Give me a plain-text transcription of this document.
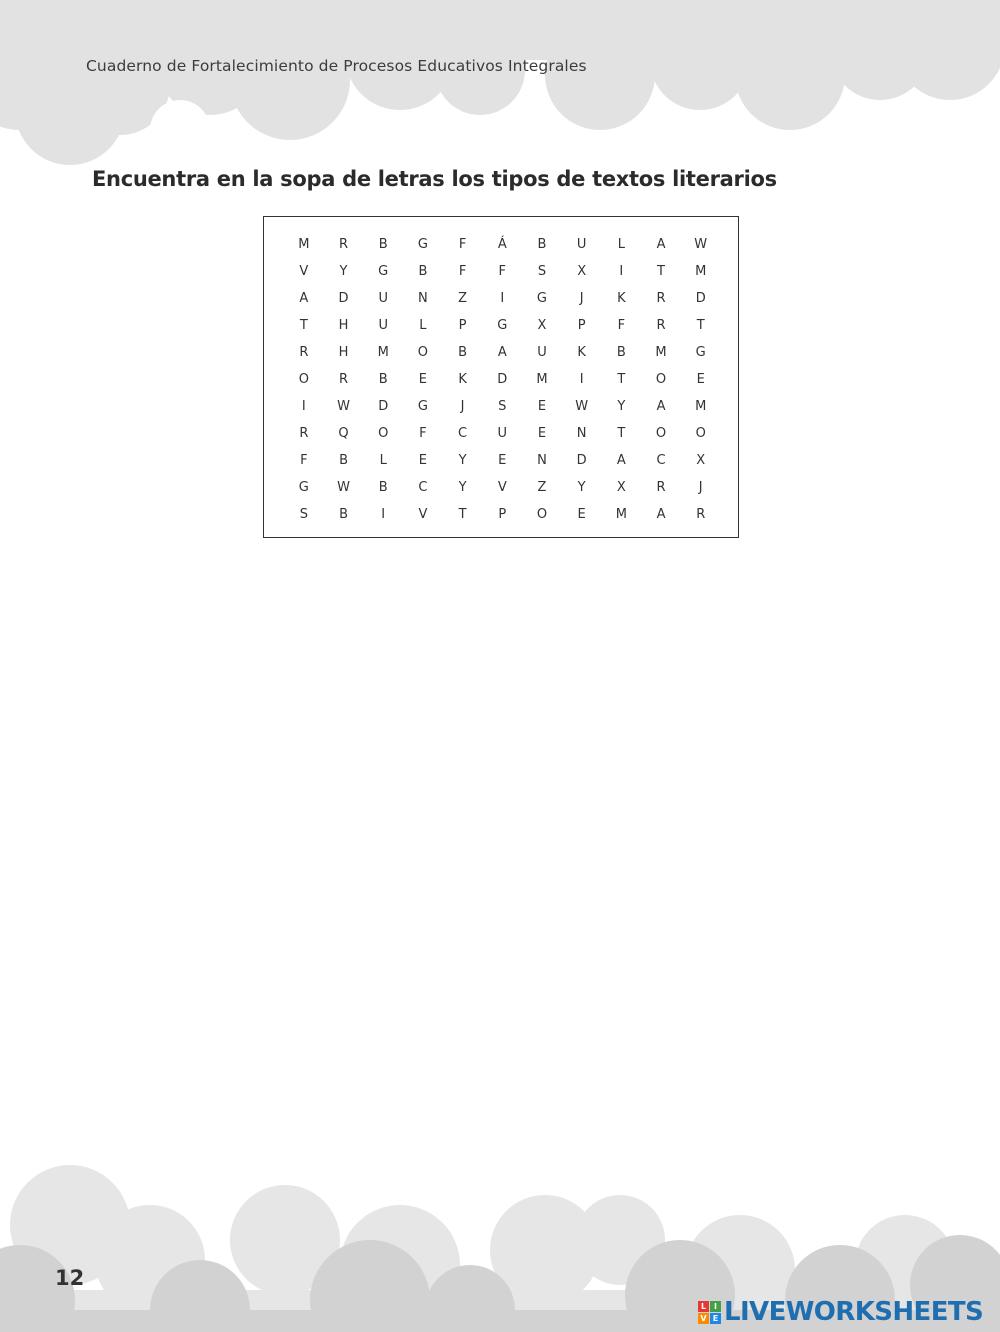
Cuaderno de Fortalecimiento de Procesos Educativos Integrales
Encuentra en la sopa de letras los tipos de textos literarios
M	R	B	G	F	Á	B	U	L	A	W
V	Y	G	B	F	F	S	X	I	T	M
A	D	U	N	Z	I	G	J	K	R	D
T	H	U	L	P	G	X	P	F	R	T
R	H	M	O	B	A	U	K	B	M	G
O	R	B	E	K	D	M	I	T	O	E
I	W	D	G	J	S	E	W	Y	A	M
R	Q	O	F	C	U	E	N	T	O	O
F	B	L	E	Y	E	N	D	A	C	X
G	W	B	C	Y	V	Z	Y	X	R	J
S	B	I	V	T	P	O	E	M	A	R
12
L I
V E LIVEWORKSHEETS
